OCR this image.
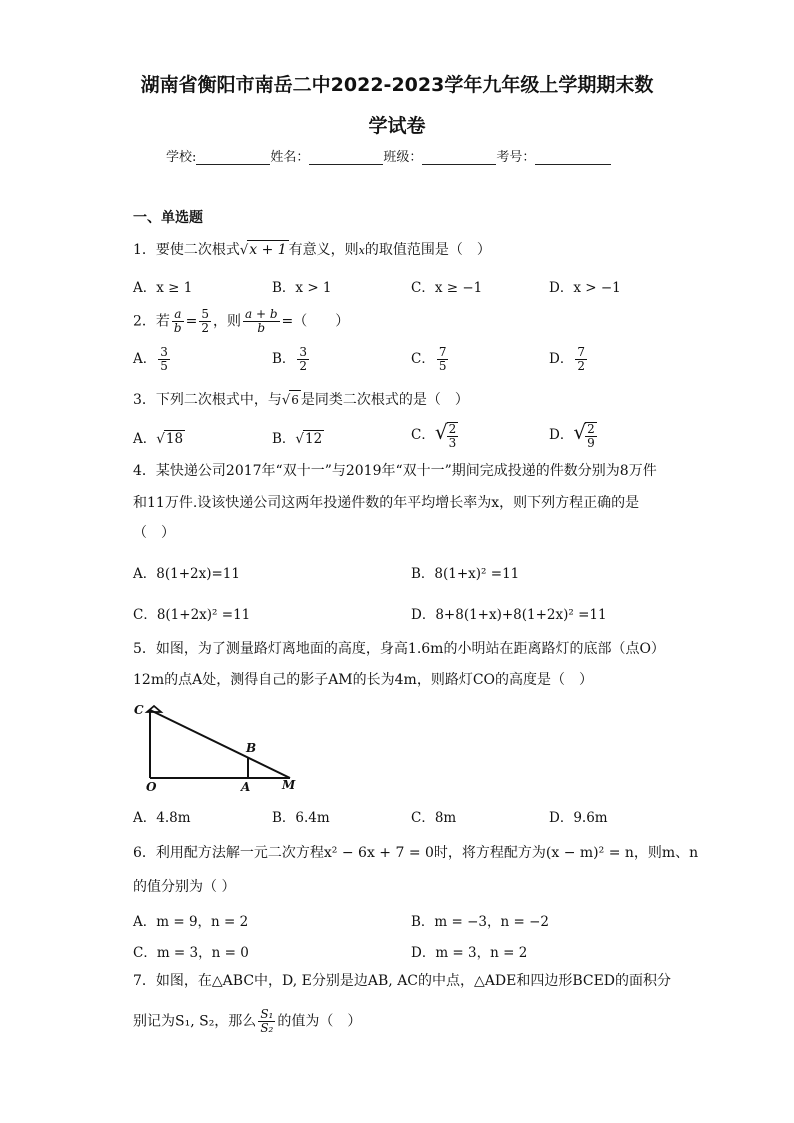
湖南省衡阳市南岳二中2022-2023学年九年级上学期期末数
学试卷
学校:	姓名：	班级：	考号：
一、单选题
1．要使二次根式√x + 1 有意义，则x的取值范围是（　）
A．x ≥ 1	B．x > 1	C．x ≥ −1	D．x > −1
2．若 $\frac{a}{b} = \frac{5}{2}$ ，则 $\frac{a + b}{b}$ =（　　）
A． $\frac{3}{5}$	B． $\frac{3}{2}$	C． $\frac{7}{5}$	D． $\frac{7}{2}$
3．下列二次根式中，与√6 是同类二次根式的是（　）
A．√18	B．√12	C．√ $\frac{2}{3}$	D．√ $\frac{2}{9}$
4．某快递公司2017年“双十一”与2019年“双十一”期间完成投递的件数分别为8万件
和11万件.设该快递公司这两年投递件数的年平均增长率为x，则下列方程正确的是
（　）
A．8(1+2x)=11	B．8(1+x)² =11
C．8(1+2x)² =11	D．8+8(1+x)+8(1+2x)² =11
5．如图，为了测量路灯离地面的高度，身高1.6m的小明站在距离路灯的底部（点O）
12m的点A处，测得自己的影子AM的长为4m，则路灯CO的高度是（　）
C
B
O	A	M
A．4.8m	B．6.4m	C．8m	D．9.6m
6．利用配方法解一元二次方程x² − 6x + 7 = 0时，将方程配方为(x − m)² = n，则m、n
的值分别为（ ）
A．m = 9，n = 2	B．m = −3，n = −2
C．m = 3，n = 0	D．m = 3，n = 2
7．如图，在△ABC中，D, E分别是边AB, AC的中点，△ADE和四边形BCED的面积分
别记为S₁, S₂，那么 $\frac{\text{S₁}}{\text{S₂}}$ 的值为（　）
